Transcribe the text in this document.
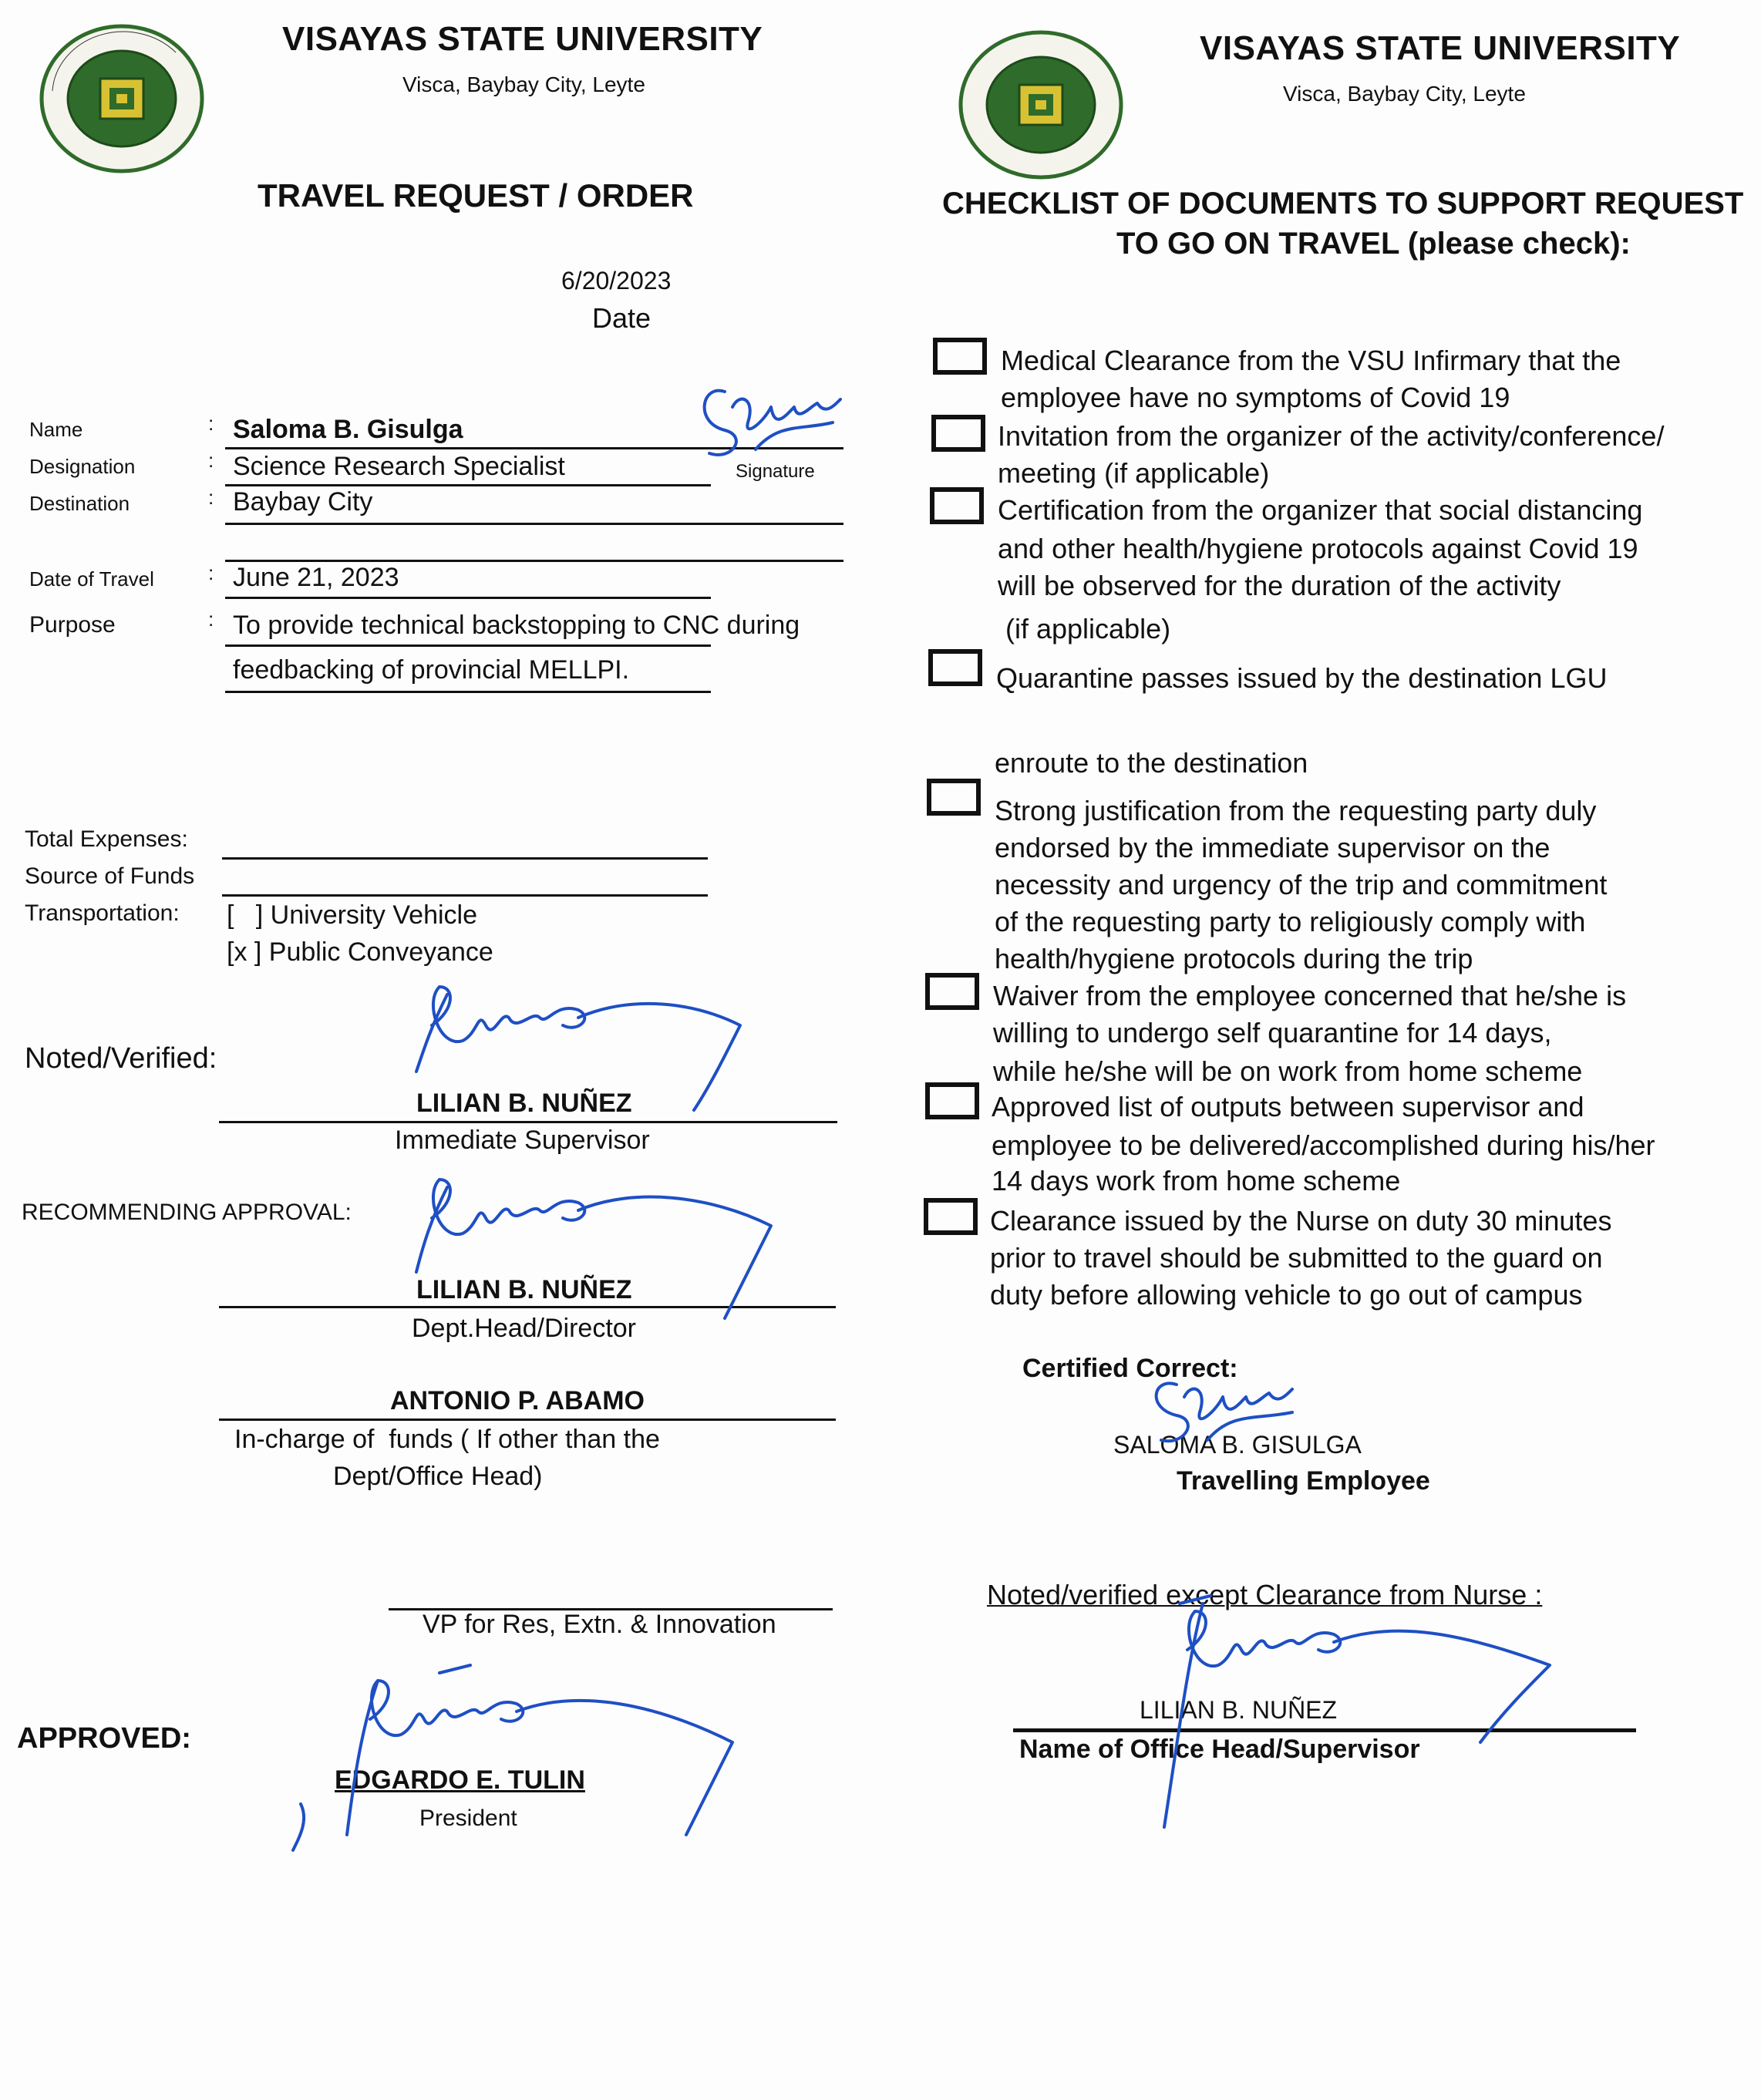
VISAYAS STATE UNIVERSITY
Visca, Baybay City, Leyte
TRAVEL REQUEST / ORDER
6/20/2023
Date
Name	: Saloma B. Gisulga
Signature
Designation	: Science Research Specialist
Destination	: Baybay City
Date of Travel	: June 21, 2023
Purpose	: To provide technical backstopping to CNC during
feedbacking of provincial MELLPI.
Total Expenses:
Source of Funds
Transportation: [   ] University Vehicle
[x ] Public Conveyance
Noted/Verified:
LILIAN B. NUÑEZ
Immediate Supervisor
RECOMMENDING APPROVAL:
LILIAN B. NUÑEZ
Dept.Head/Director
ANTONIO P. ABAMO
In-charge of  funds ( If other than the
Dept/Office Head)
VP for Res, Extn. & Innovation
APPROVED:
EDGARDO E. TULIN
President
VISAYAS STATE UNIVERSITY
Visca, Baybay City, Leyte
CHECKLIST OF DOCUMENTS TO SUPPORT REQUEST
TO GO ON TRAVEL (please check):
Medical Clearance from the VSU Infirmary that the
employee have no symptoms of Covid 19
Invitation from the organizer of the activity/conference/
meeting (if applicable)
Certification from the organizer that social distancing
and other health/hygiene protocols against Covid 19
will be observed for the duration of the activity
(if applicable)
Quarantine passes issued by the destination LGU
enroute to the destination
Strong justification from the requesting party duly
endorsed by the immediate supervisor on the
necessity and urgency of the trip and commitment
of the requesting party to religiously comply with
health/hygiene protocols during the trip
Waiver from the employee concerned that he/she is
willing to undergo self quarantine for 14 days,
while he/she will be on work from home scheme
Approved list of outputs between supervisor and
employee to be delivered/accomplished during his/her
14 days work from home scheme
Clearance issued by the Nurse on duty 30 minutes
prior to travel should be submitted to the guard on
duty before allowing vehicle to go out of campus
Certified Correct:
SALOMA B. GISULGA
Travelling Employee
Noted/verified except Clearance from Nurse :
LILIAN B. NUÑEZ
Name of Office Head/Supervisor
